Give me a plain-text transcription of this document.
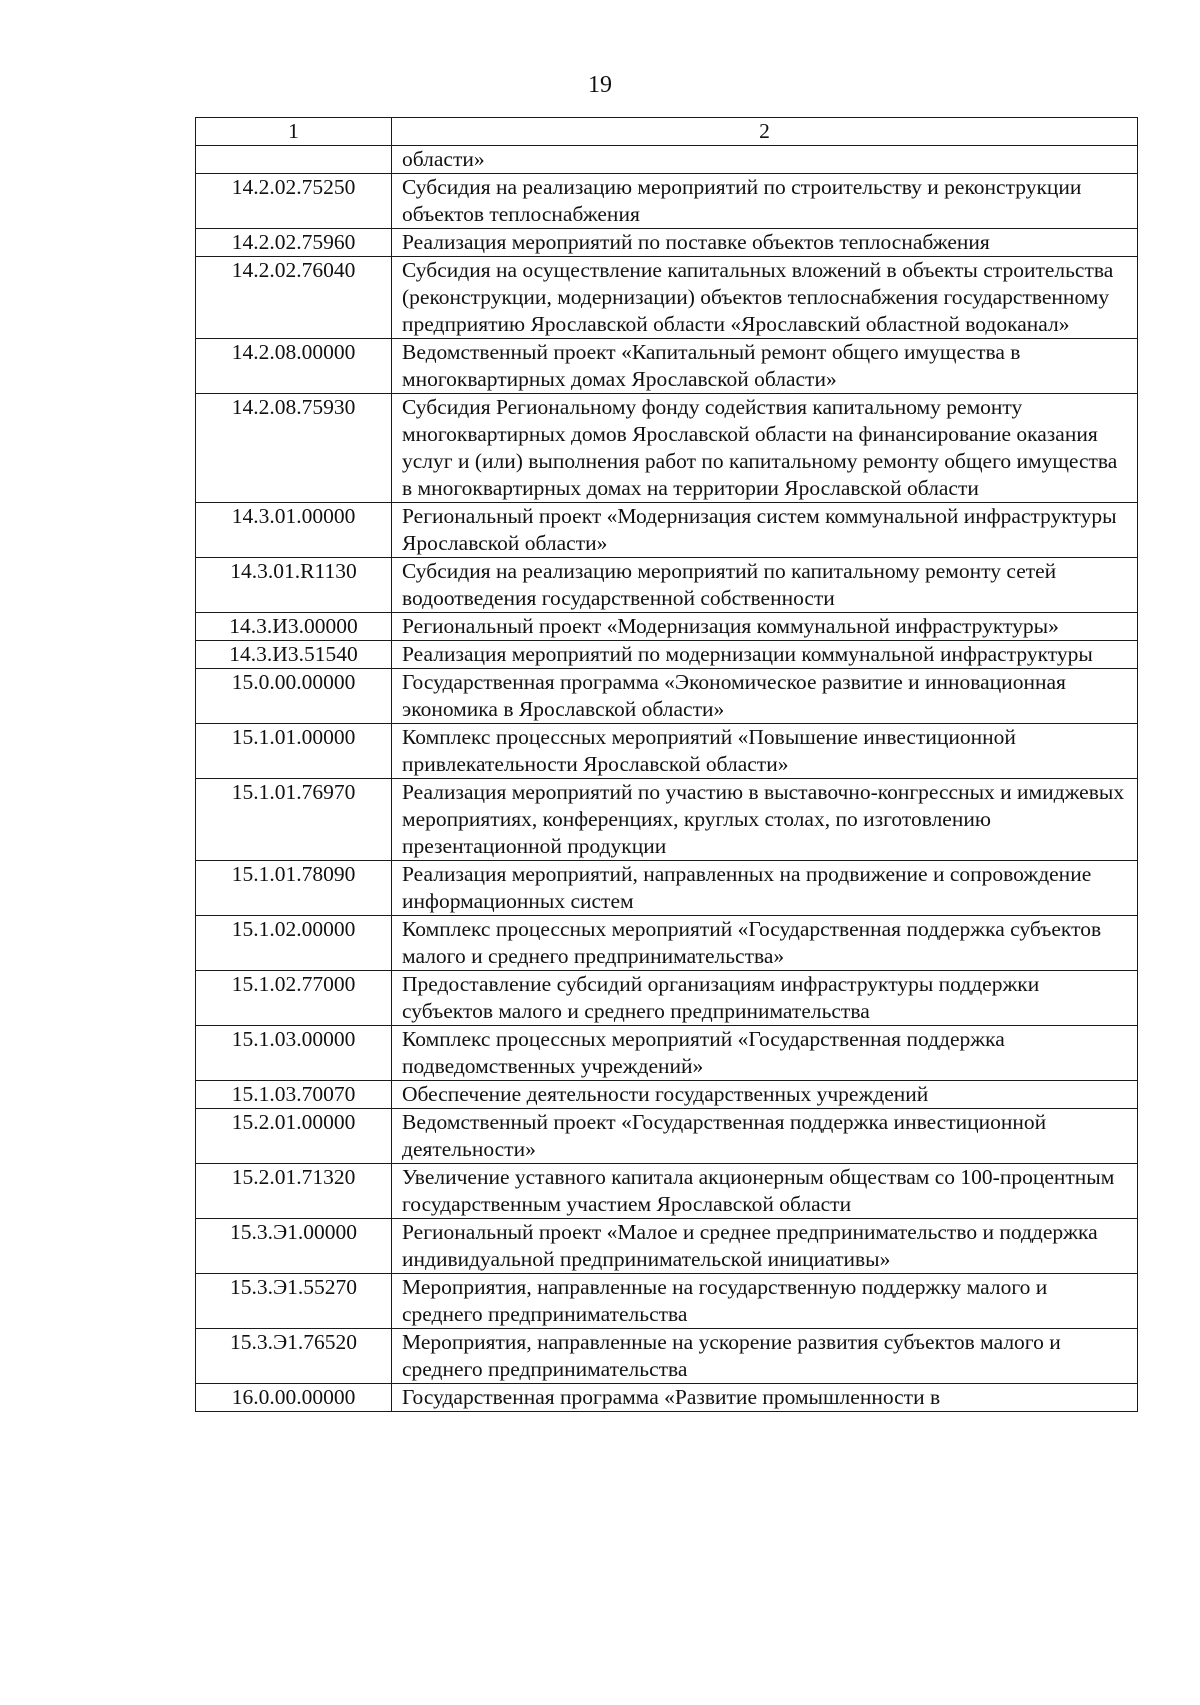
19
1	2
	области»
14.2.02.75250	Субсидия на реализацию мероприятий по строительству и реконструкции объектов теплоснабжения
14.2.02.75960	Реализация мероприятий по поставке объектов теплоснабжения
14.2.02.76040	Субсидия на осуществление капитальных вложений в объекты строительства (реконструкции, модернизации) объектов теплоснабжения государственному предприятию Ярославской области «Ярославский областной водоканал»
14.2.08.00000	Ведомственный проект «Капитальный ремонт общего имущества в многоквартирных домах Ярославской области»
14.2.08.75930	Субсидия Региональному фонду содействия капитальному ремонту многоквартирных домов Ярославской области на финансирование оказания услуг и (или) выполнения работ по капитальному ремонту общего имущества в многоквартирных домах на территории Ярославской области
14.3.01.00000	Региональный проект «Модернизация систем коммунальной инфраструктуры Ярославской области»
14.3.01.R1130	Субсидия на реализацию мероприятий по капитальному ремонту сетей водоотведения государственной собственности
14.3.И3.00000	Региональный проект «Модернизация коммунальной инфраструктуры»
14.3.И3.51540	Реализация мероприятий по модернизации коммунальной инфраструктуры
15.0.00.00000	Государственная программа «Экономическое развитие и инновационная экономика в Ярославской области»
15.1.01.00000	Комплекс процессных мероприятий «Повышение инвестиционной привлекательности Ярославской области»
15.1.01.76970	Реализация мероприятий по участию в выставочно-конгрессных и имиджевых мероприятиях, конференциях, круглых столах, по изготовлению презентационной продукции
15.1.01.78090	Реализация мероприятий, направленных на продвижение и сопровождение информационных систем
15.1.02.00000	Комплекс процессных мероприятий «Государственная поддержка субъектов малого и среднего предпринимательства»
15.1.02.77000	Предоставление субсидий организациям инфраструктуры поддержки субъектов малого и среднего предпринимательства
15.1.03.00000	Комплекс процессных мероприятий «Государственная поддержка подведомственных учреждений»
15.1.03.70070	Обеспечение деятельности государственных учреждений
15.2.01.00000	Ведомственный проект «Государственная поддержка инвестиционной деятельности»
15.2.01.71320	Увеличение уставного капитала акционерным обществам со 100-процентным государственным участием Ярославской области
15.3.Э1.00000	Региональный проект «Малое и среднее предпринимательство и поддержка индивидуальной предпринимательской инициативы»
15.3.Э1.55270	Мероприятия, направленные на государственную поддержку малого и среднего предпринимательства
15.3.Э1.76520	Мероприятия, направленные на ускорение развития субъектов малого и среднего предпринимательства
16.0.00.00000	Государственная программа «Развитие промышленности в
